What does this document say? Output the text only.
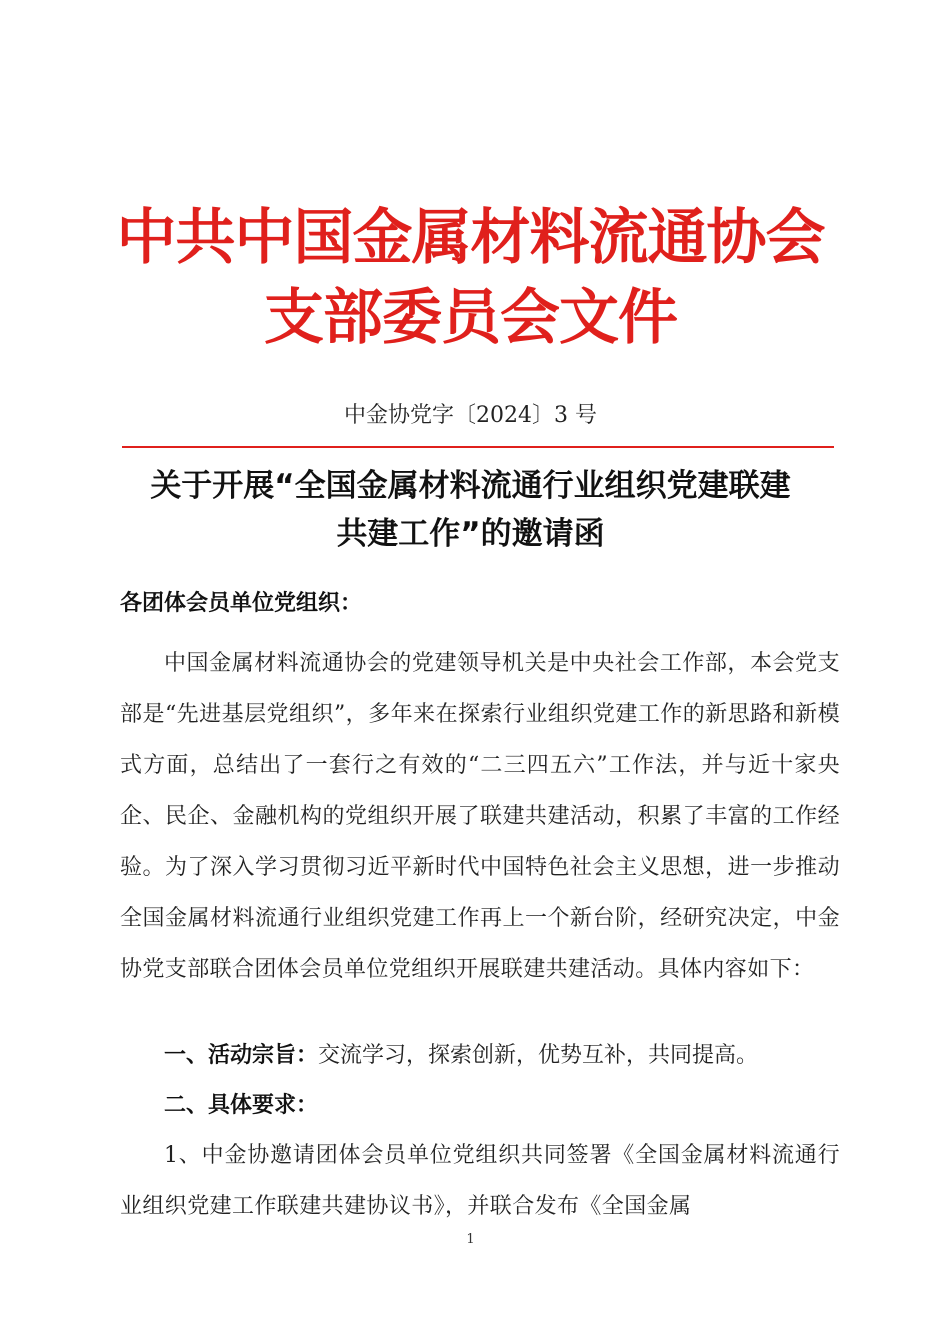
中共中国金属材料流通协会
支部委员会文件
中金协党字〔2024〕3 号
关于开展“全国金属材料流通行业组织党建联建
共建工作”的邀请函
各团体会员单位党组织：

中国金属材料流通协会的党建领导机关是中央社会工作部，本会党支部是“先进基层党组织”，多年来在探索行业组织党建工作的新思路和新模式方面，总结出了一套行之有效的“二三四五六”工作法，并与近十家央企、民企、金融机构的党组织开展了联建共建活动，积累了丰富的工作经验。为了深入学习贯彻习近平新时代中国特色社会主义思想，进一步推动全国金属材料流通行业组织党建工作再上一个新台阶，经研究决定，中金协党支部联合团体会员单位党组织开展联建共建活动。具体内容如下：

一、活动宗旨：交流学习，探索创新，优势互补，共同提高。
二、具体要求：

1、中金协邀请团体会员单位党组织共同签署《全国金属材料流通行业组织党建工作联建共建协议书》，并联合发布《全国金属

1
